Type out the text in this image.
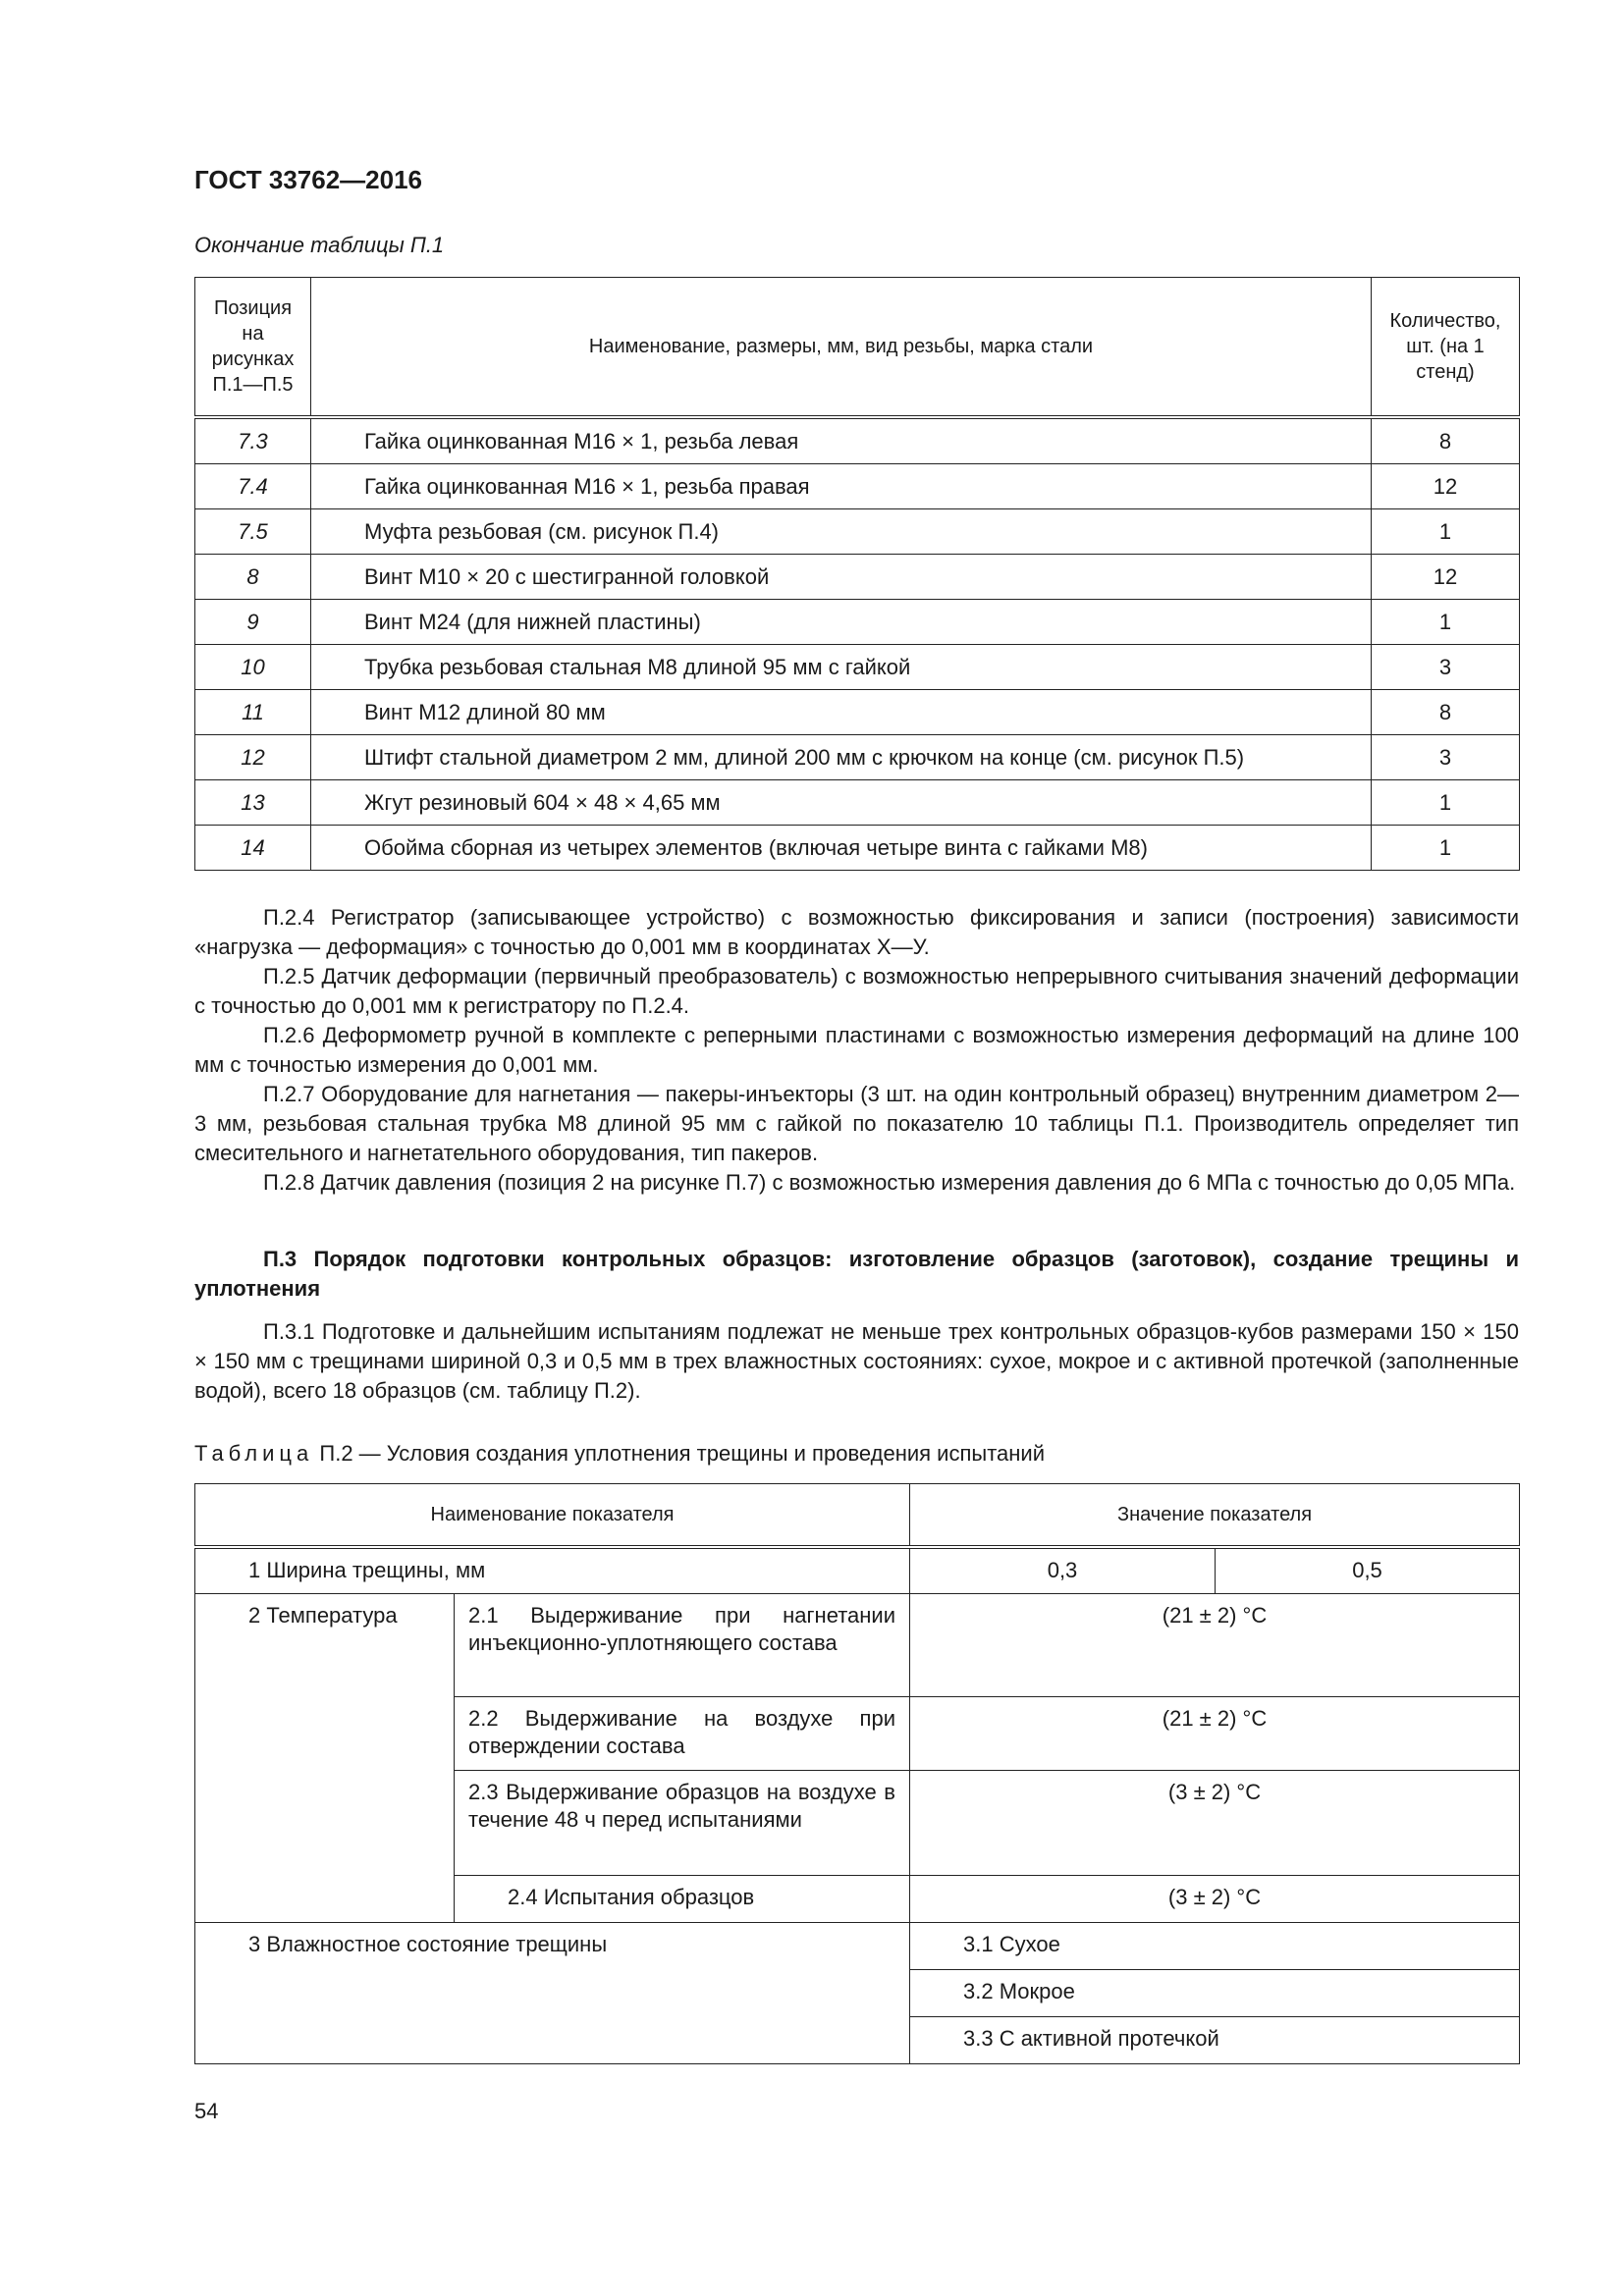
ГОСТ 33762—2016
Окончание таблицы П.1
Позиция на рисунках П.1—П.5	Наименование, размеры, мм, вид резьбы, марка стали	Количество, шт. (на 1 стенд)
7.3	Гайка оцинкованная М16 × 1, резьба левая	8
7.4	Гайка оцинкованная М16 × 1, резьба правая	12
7.5	Муфта резьбовая (см. рисунок П.4)	1
8	Винт М10 × 20 с шестигранной головкой	12
9	Винт М24 (для нижней пластины)	1
10	Трубка резьбовая стальная М8 длиной 95 мм с гайкой	3
11	Винт М12 длиной 80 мм	8
12	Штифт стальной диаметром 2 мм, длиной 200 мм с крючком на конце (см. рисунок П.5)	3
13	Жгут резиновый 604 × 48 × 4,65 мм	1
14	Обойма сборная из четырех элементов (включая четыре винта с гайками М8)	1

П.2.4 Регистратор (записывающее устройство) с возможностью фиксирования и записи (построения) зависимости «нагрузка — деформация» с точностью до 0,001 мм в координатах Х—У.

П.2.5 Датчик деформации (первичный преобразователь) с возможностью непрерывного считывания значений деформации с точностью до 0,001 мм к регистратору по П.2.4.

П.2.6 Деформометр ручной в комплекте с реперными пластинами с возможностью измерения деформаций на длине 100 мм с точностью измерения до 0,001 мм.

П.2.7 Оборудование для нагнетания — пакеры-инъекторы (3 шт. на один контрольный образец) внутренним диаметром 2—3 мм, резьбовая стальная трубка М8 длиной 95 мм с гайкой по показателю 10 таблицы П.1. Производитель определяет тип смесительного и нагнетательного оборудования, тип пакеров.

П.2.8 Датчик давления (позиция 2 на рисунке П.7) с возможностью измерения давления до 6 МПа с точностью до 0,05 МПа.

П.3 Порядок подготовки контрольных образцов: изготовление образцов (заготовок), создание трещины и уплотнения

П.3.1 Подготовке и дальнейшим испытаниям подлежат не меньше трех контрольных образцов-кубов размерами 150 × 150 × 150 мм с трещинами шириной 0,3 и 0,5 мм в трех влажностных состояниях: сухое, мокрое и с активной протечкой (заполненные водой), всего 18 образцов (см. таблицу П.2).

Таблица П.2 — Условия создания уплотнения трещины и проведения испытаний
Наименование показателя		Значение показателя	
1 Ширина трещины, мм		0,3	0,5
2 Температура	2.1 Выдерживание при нагнетании инъекционно-уплотняющего состава	(21 ± 2) °С	
	2.2 Выдерживание на воздухе при отверждении состава	(21 ± 2) °С	
	2.3 Выдерживание образцов на воздухе в течение 48 ч перед испытаниями	(3 ± 2) °С	
	2.4 Испытания образцов	(3 ± 2) °С	
3 Влажностное состояние трещины		3.1 Сухое	
		3.2 Мокрое	
		3.3 С активной протечкой	
54
